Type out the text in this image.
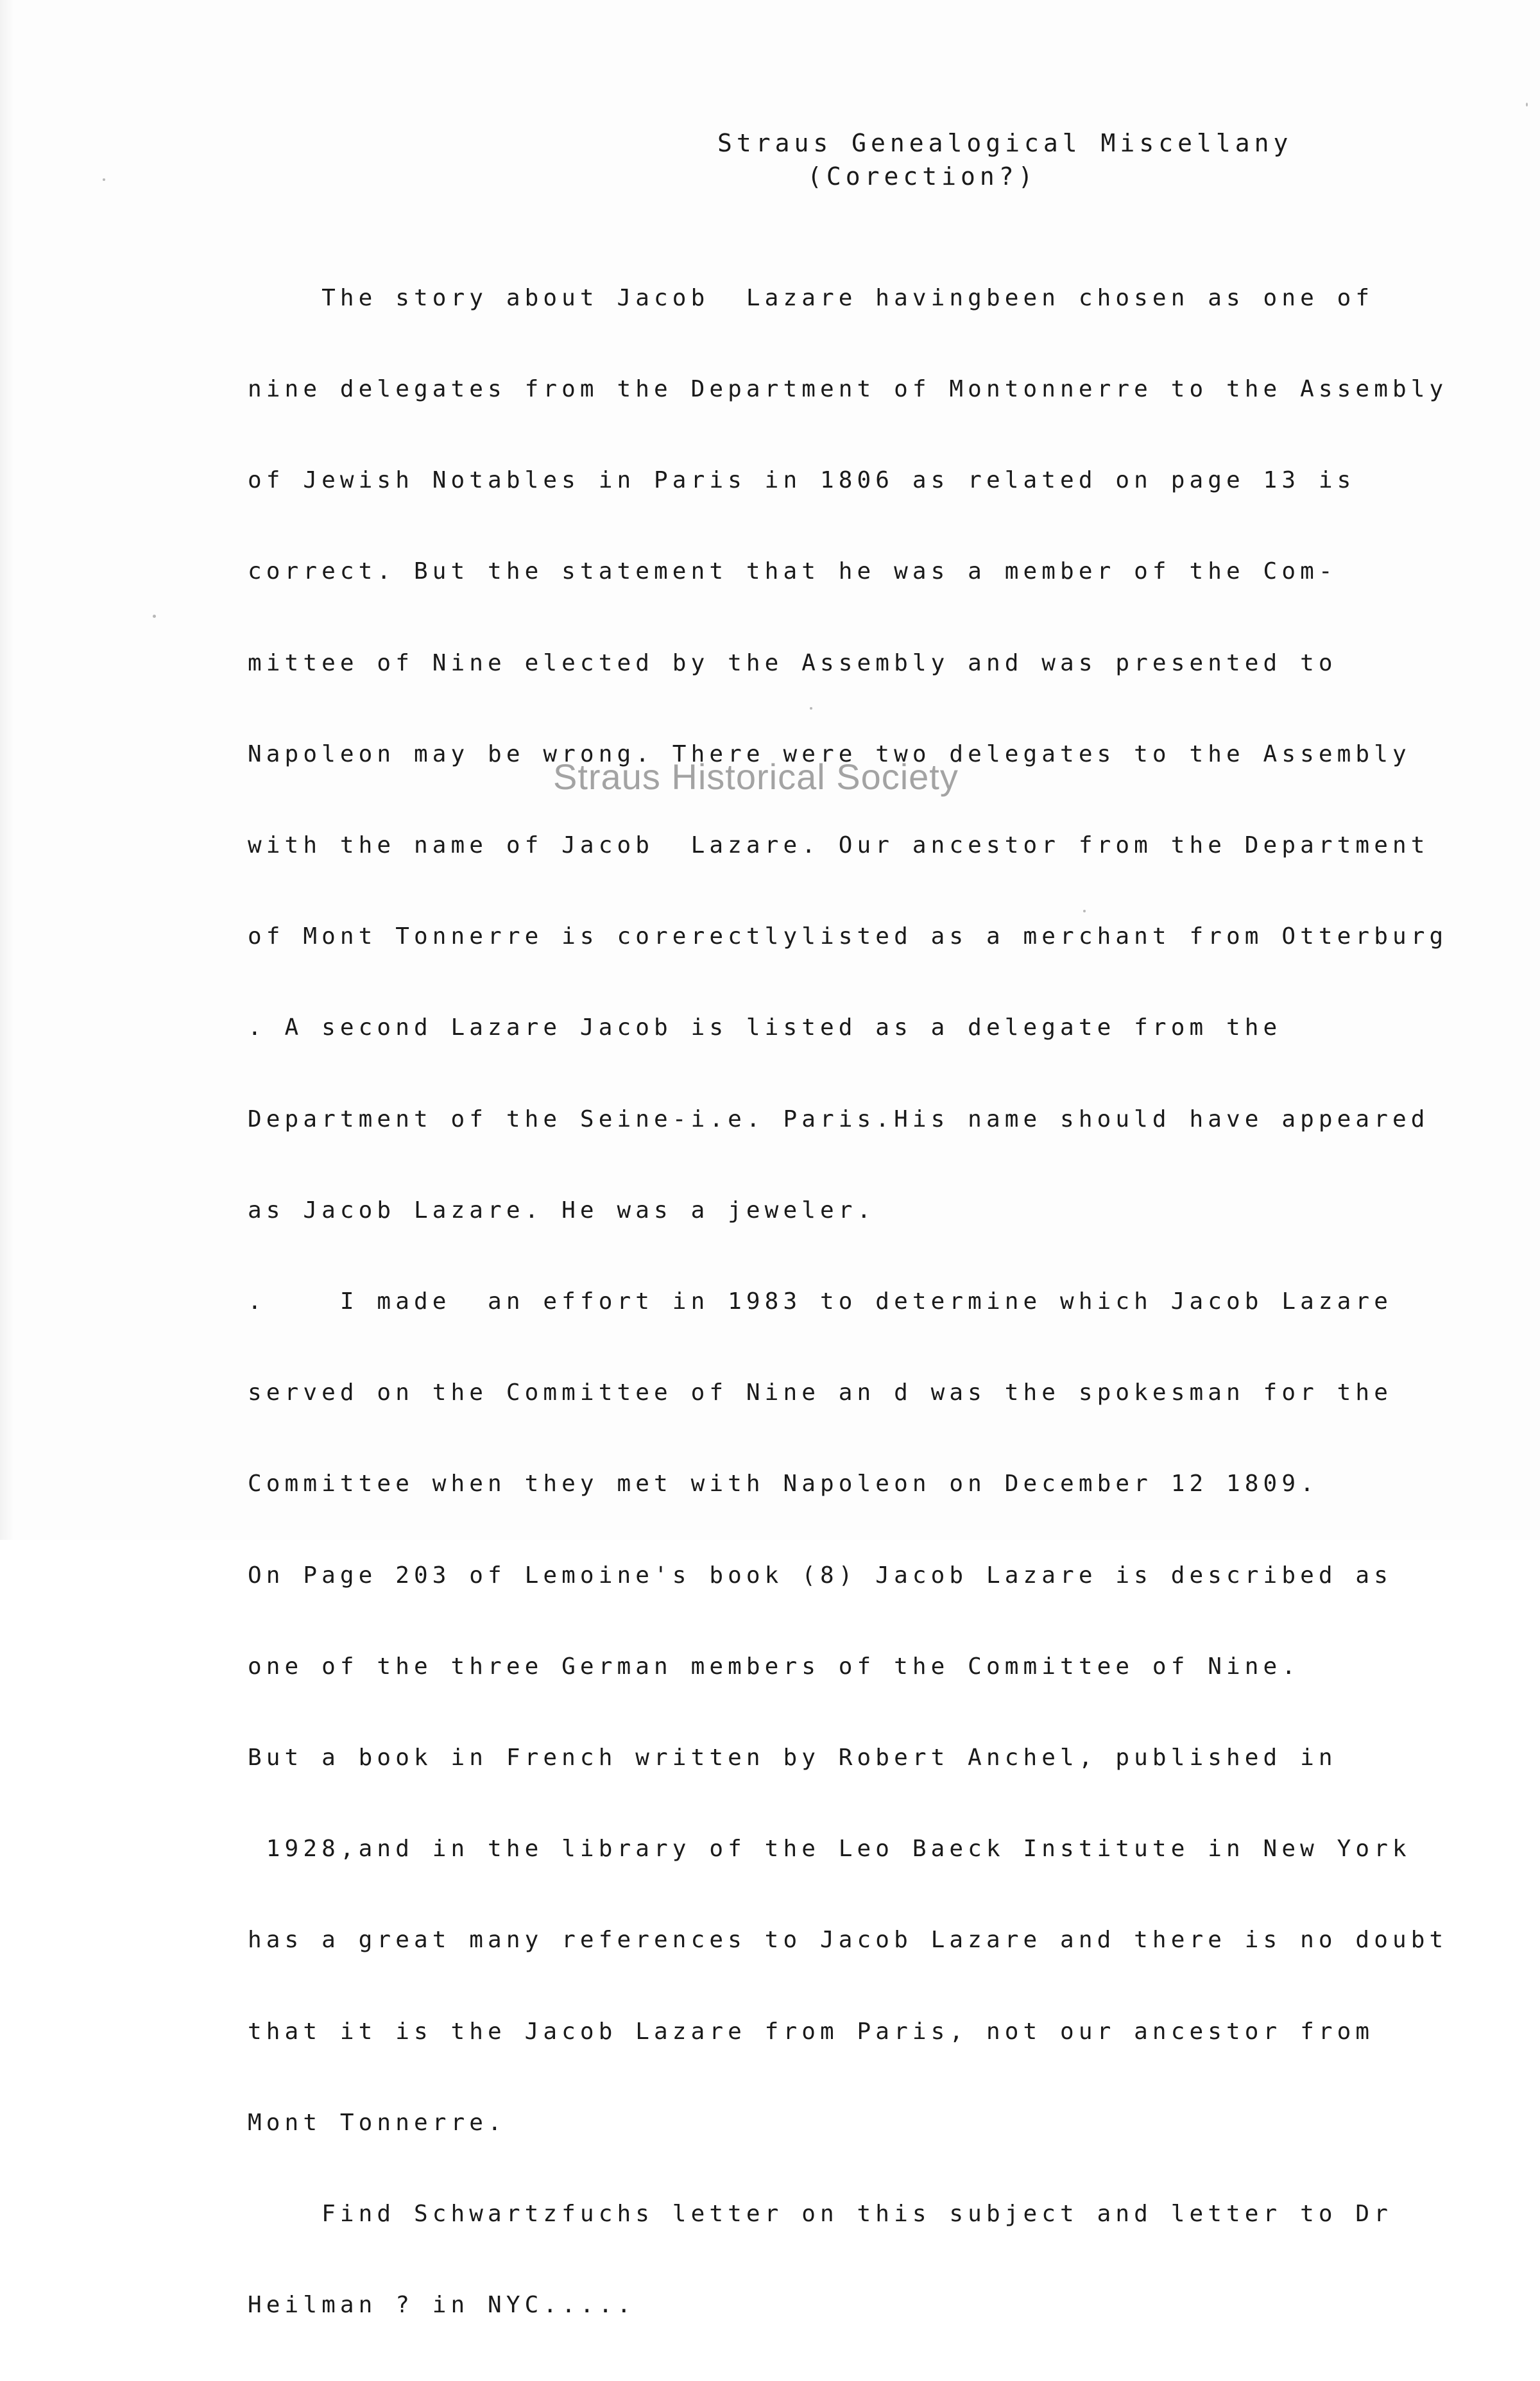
Straus Genealogical Miscellany
(Corection?)

The story about Jacob  Lazare havingbeen chosen as one of

nine delegates from the Department of Montonnerre to the Assembly

of Jewish Notables in Paris in 1806 as related on page 13 is

correct. But the statement that he was a member of the Com-

mittee of Nine elected by the Assembly and was presented to

Napoleon may be wrong. There were two delegates to the Assembly

with the name of Jacob  Lazare. Our ancestor from the Department

of Mont Tonnerre is corerectlylisted as a merchant from Otterburg

. A second Lazare Jacob is listed as a delegate from the

Department of the Seine-i.e. Paris.His name should have appeared

as Jacob Lazare. He was a jeweler.

.    I made  an effort in 1983 to determine which Jacob Lazare

served on the Committee of Nine an d was the spokesman for the

Committee when they met with Napoleon on December 12 1809.

On Page 203 of Lemoine's book (8) Jacob Lazare is described as

one of the three German members of the Committee of Nine.

But a book in French written by Robert Anchel, published in

1928,and in the library of the Leo Baeck Institute in New York

has a great many references to Jacob Lazare and there is no doubt

that it is the Jacob Lazare from Paris, not our ancestor from

Mont Tonnerre.

Find Schwartzfuchs letter on this subject and letter to Dr

Heilman ? in NYC.....

Straus Historical Society
